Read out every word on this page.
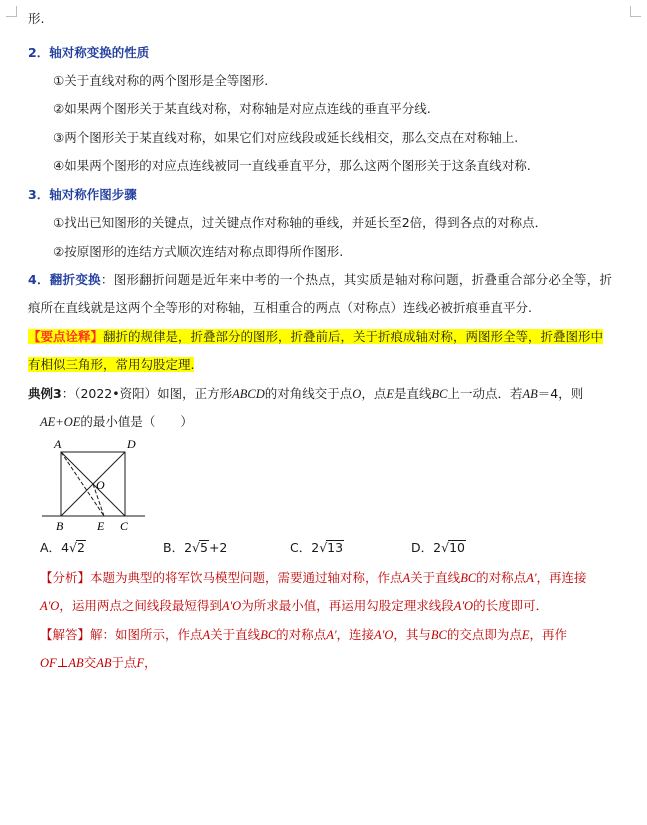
形.
2．轴对称变换的性质
①关于直线对称的两个图形是全等图形.
②如果两个图形关于某直线对称，对称轴是对应点连线的垂直平分线.
③两个图形关于某直线对称，如果它们对应线段或延长线相交，那么交点在对称轴上.
④如果两个图形的对应点连线被同一直线垂直平分，那么这两个图形关于这条直线对称.
3．轴对称作图步骤
①找出已知图形的关键点，过关键点作对称轴的垂线，并延长至2倍，得到各点的对称点．
②按原图形的连结方式顺次连结对称点即得所作图形.
4．翻折变换：图形翻折问题是近年来中考的一个热点，其实质是轴对称问题，折叠重合部分必全等，折
痕所在直线就是这两个全等形的对称轴，互相重合的两点（对称点）连线必被折痕垂直平分.
【要点诠释】翻折的规律是，折叠部分的图形，折叠前后，关于折痕成轴对称，两图形全等，折叠图形中
有相似三角形，常用勾股定理.
典例3：（2022•资阳）如图，正方形ABCD的对角线交于点O，点E是直线BC上一动点．若AB＝4，则
AE+OE的最小值是（　　）
A	D
O
B	E C
A．4√2	B．2√5+2	C．2√13	D．2√10
【分析】本题为典型的将军饮马模型问题，需要通过轴对称，作点A关于直线BC的对称点A'，再连接
A'O，运用两点之间线段最短得到A'O为所求最小值，再运用勾股定理求线段A'O的长度即可．
【解答】解：如图所示，作点A关于直线BC的对称点A'，连接A'O，其与BC的交点即为点E，再作
OF⊥AB交AB于点F，
